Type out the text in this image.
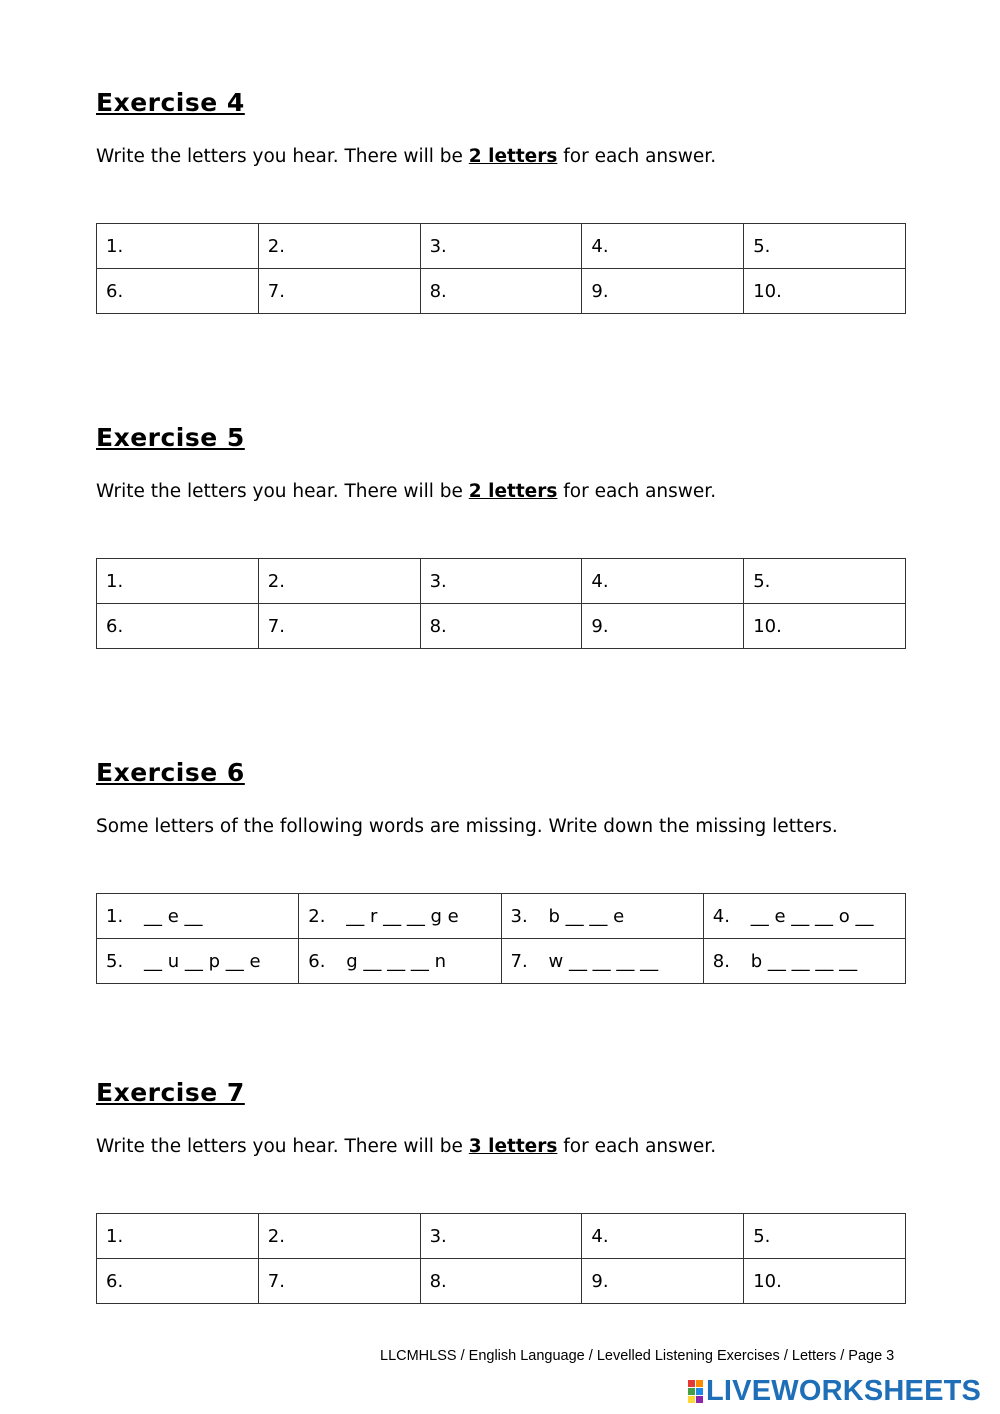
Exercise 4

Write the letters you hear. There will be 2 letters for each answer.

1.	2.	3.	4.	5.
6.	7.	8.	9.	10.
Exercise 5

Write the letters you hear. There will be 2 letters for each answer.

1.	2.	3.	4.	5.
6.	7.	8.	9.	10.
Exercise 6

Some letters of the following words are missing. Write down the missing letters.

1. __ e __	2. __ r __ __ g e	3. b __ __ e	4. __ e __ __ o __
5. __ u __ p __ e	6. g __ __ __ n	7. w __ __ __ __	8. b __ __ __ __
Exercise 7

Write the letters you hear. There will be 3 letters for each answer.

1.	2.	3.	4.	5.
6.	7.	8.	9.	10.
LLCMHLSS / English Language / Levelled Listening Exercises / Letters / Page 3
LIVEWORKSHEETS
